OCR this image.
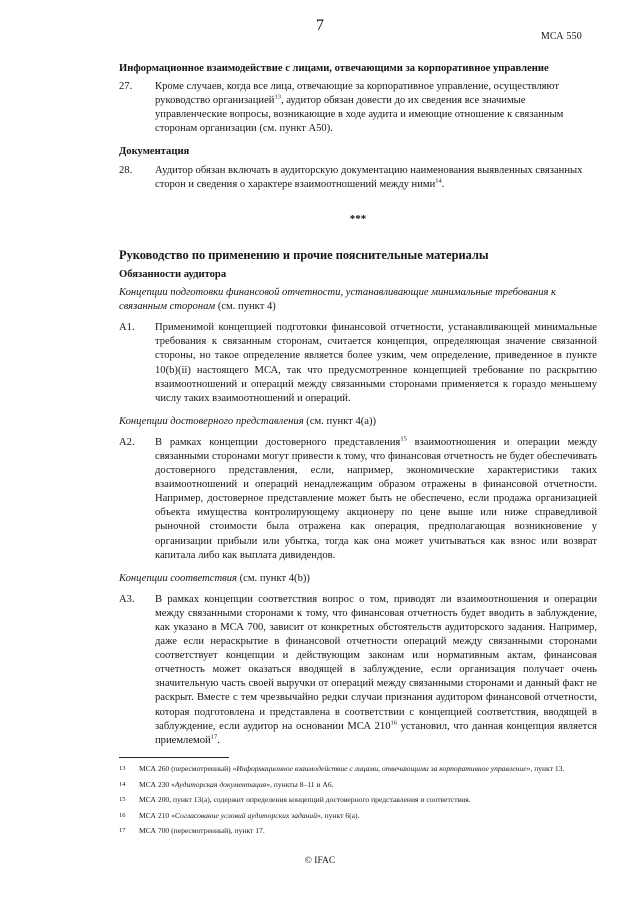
7
МСА 550
Информационное взаимодействие с лицами, отвечающими за корпоративное управление
27.	Кроме случаев, когда все лица, отвечающие за корпоративное управление, осуществляют руководство организацией$^{13}$, аудитор обязан довести до их сведения все значимые управленческие вопросы, возникающие в ходе аудита и имеющие отношение к связанным сторонам организации (см. пункт А50).
Документация
28.	Аудитор обязан включать в аудиторскую документацию наименования выявленных связанных сторон и сведения о характере взаимоотношений между ними$^{14}$.
***
Руководство по применению и прочие пояснительные материалы
Обязанности аудитора
Концепции подготовки финансовой отчетности, устанавливающие минимальные требования к связанным сторонам (см. пункт 4)
A1.	Применимой концепцией подготовки финансовой отчетности, устанавливающей минимальные требования к связанным сторонам, считается концепция, определяющая значение связанной стороны, но такое определение является более узким, чем определение, приведенное в пункте 10(b)(ii) настоящего МСА, так что предусмотренное концепцией требование по раскрытию взаимоотношений и операций между связанными сторонами применяется к гораздо меньшему числу таких взаимоотношений и операций.
Концепции достоверного представления (см. пункт 4(a))
A2.	В рамках концепции достоверного представления$^{15}$ взаимоотношения и операции между связанными сторонами могут привести к тому, что финансовая отчетность не будет обеспечивать достоверного представления, если, например, экономические характеристики таких взаимоотношений и операций ненадлежащим образом отражены в финансовой отчетности. Например, достоверное представление может быть не обеспечено, если продажа организацией объекта имущества контролирующему акционеру по цене выше или ниже справедливой рыночной стоимости была отражена как операция, предполагающая возникновение у организации прибыли или убытка, тогда как она может учитываться как взнос или возврат капитала либо как выплата дивидендов.
Концепции соответствия (см. пункт 4(b))
A3.	В рамках концепции соответствия вопрос о том, приводят ли взаимоотношения и операции между связанными сторонами к тому, что финансовая отчетность будет вводить в заблуждение, как указано в МСА 700, зависит от конкретных обстоятельств аудиторского задания. Например, даже если нераскрытие в финансовой отчетности операций между связанными сторонами соответствует концепции и действующим законам или нормативным актам, финансовая отчетность может оказаться вводящей в заблуждение, если организация получает очень значительную часть своей выручки от операций между связанными сторонами и данный факт не раскрыт. Вместе с тем чрезвычайно редки случаи признания аудитором финансовой отчетности, которая подготовлена и представлена в соответствии с концепцией соответствия, вводящей в заблуждение, если аудитор на основании МСА $210^{16}$ установил, что данная концепция является приемлемой$^{17}$.
13	МСА 260 (пересмотренный) «Информационное взаимодействие с лицами, отвечающими за корпоративное управление», пункт 13.
14	МСА 230 «Аудиторская документация», пункты 8–11 и А6.
15	МСА 200, пункт 13(a), содержит определения концепций достоверного представления и соответствия.
16	МСА 210 «Согласование условий аудиторских заданий», пункт 6(a).
17	МСА 700 (пересмотренный), пункт 17.
© IFAC
